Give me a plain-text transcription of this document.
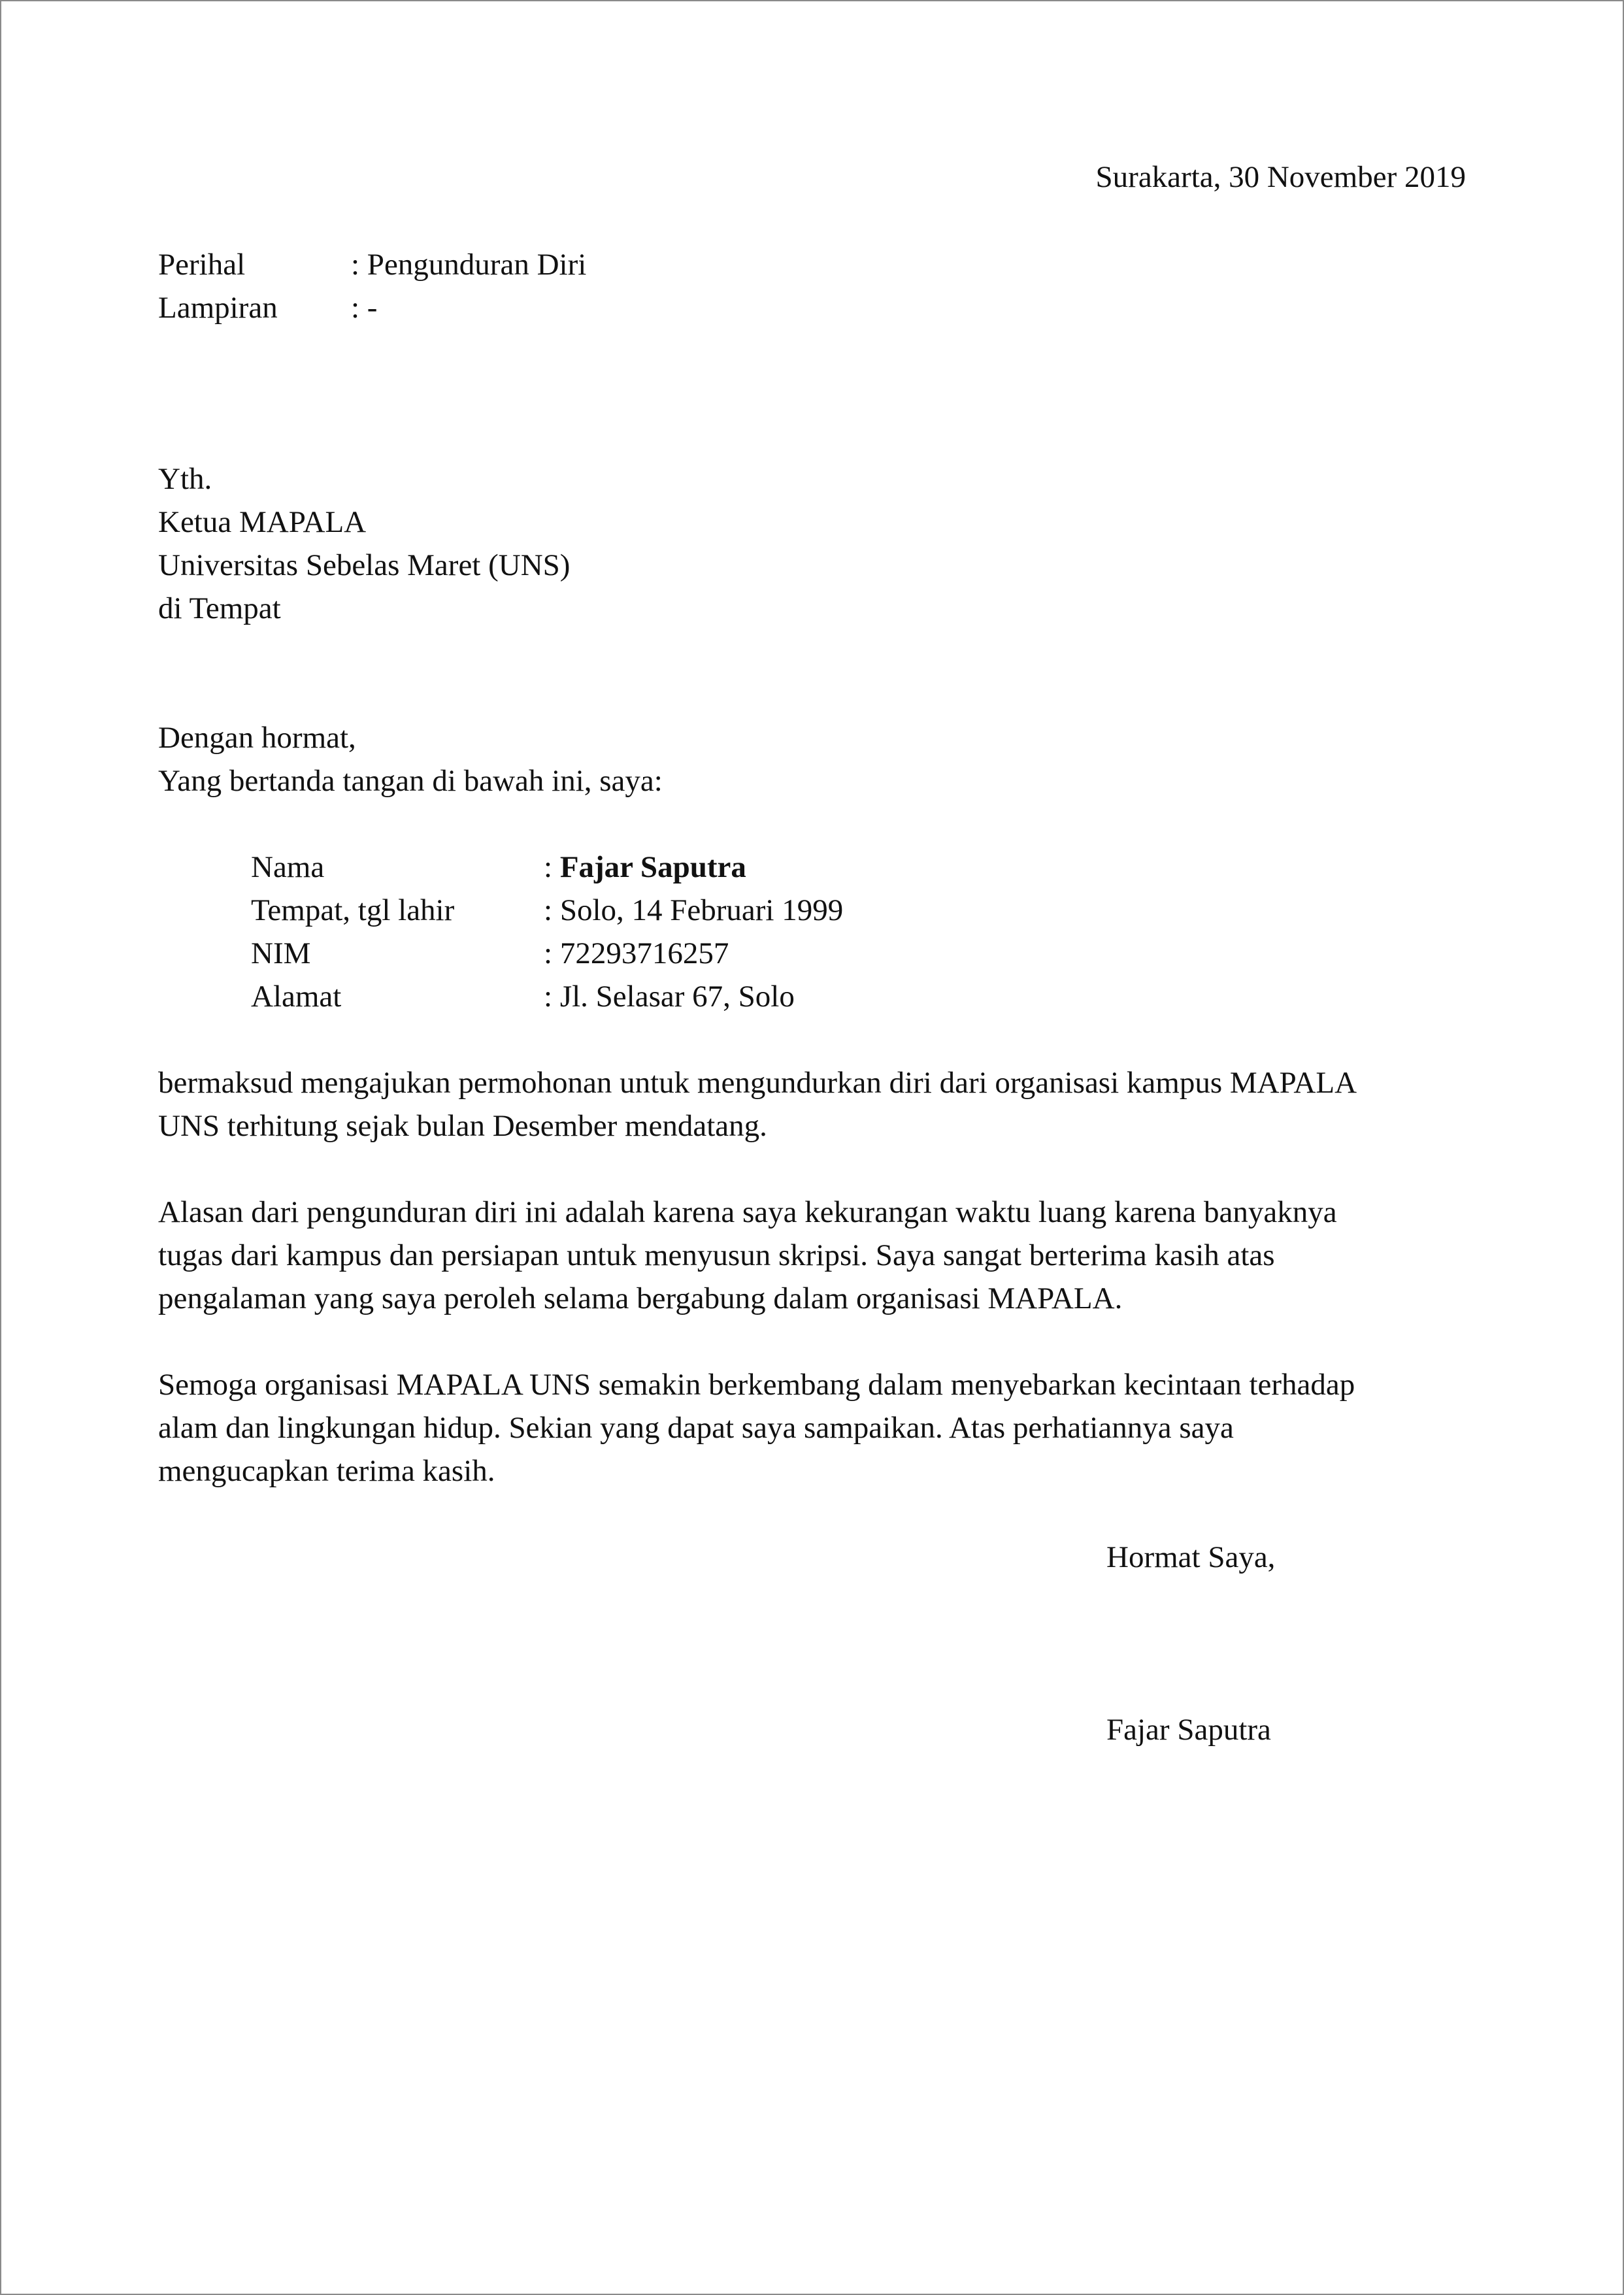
Surakarta, 30 November 2019
Perihal	: Pengunduran Diri
Lampiran : -
Yth.
Ketua MAPALA
Universitas Sebelas Maret (UNS)
di Tempat
Dengan hormat,
Yang bertanda tangan di bawah ini, saya:
Nama	: Fajar Saputra
Tempat, tgl lahir	: Solo, 14 Februari 1999
NIM	: 72293716257
Alamat	: Jl. Selasar 67, Solo
bermaksud mengajukan permohonan untuk mengundurkan diri dari organisasi kampus MAPALA
UNS terhitung sejak bulan Desember mendatang.
Alasan dari pengunduran diri ini adalah karena saya kekurangan waktu luang karena banyaknya
tugas dari kampus dan persiapan untuk menyusun skripsi. Saya sangat berterima kasih atas
pengalaman yang saya peroleh selama bergabung dalam organisasi MAPALA.
Semoga organisasi MAPALA UNS semakin berkembang dalam menyebarkan kecintaan terhadap
alam dan lingkungan hidup. Sekian yang dapat saya sampaikan. Atas perhatiannya saya
mengucapkan terima kasih.
Hormat Saya,
Fajar Saputra
